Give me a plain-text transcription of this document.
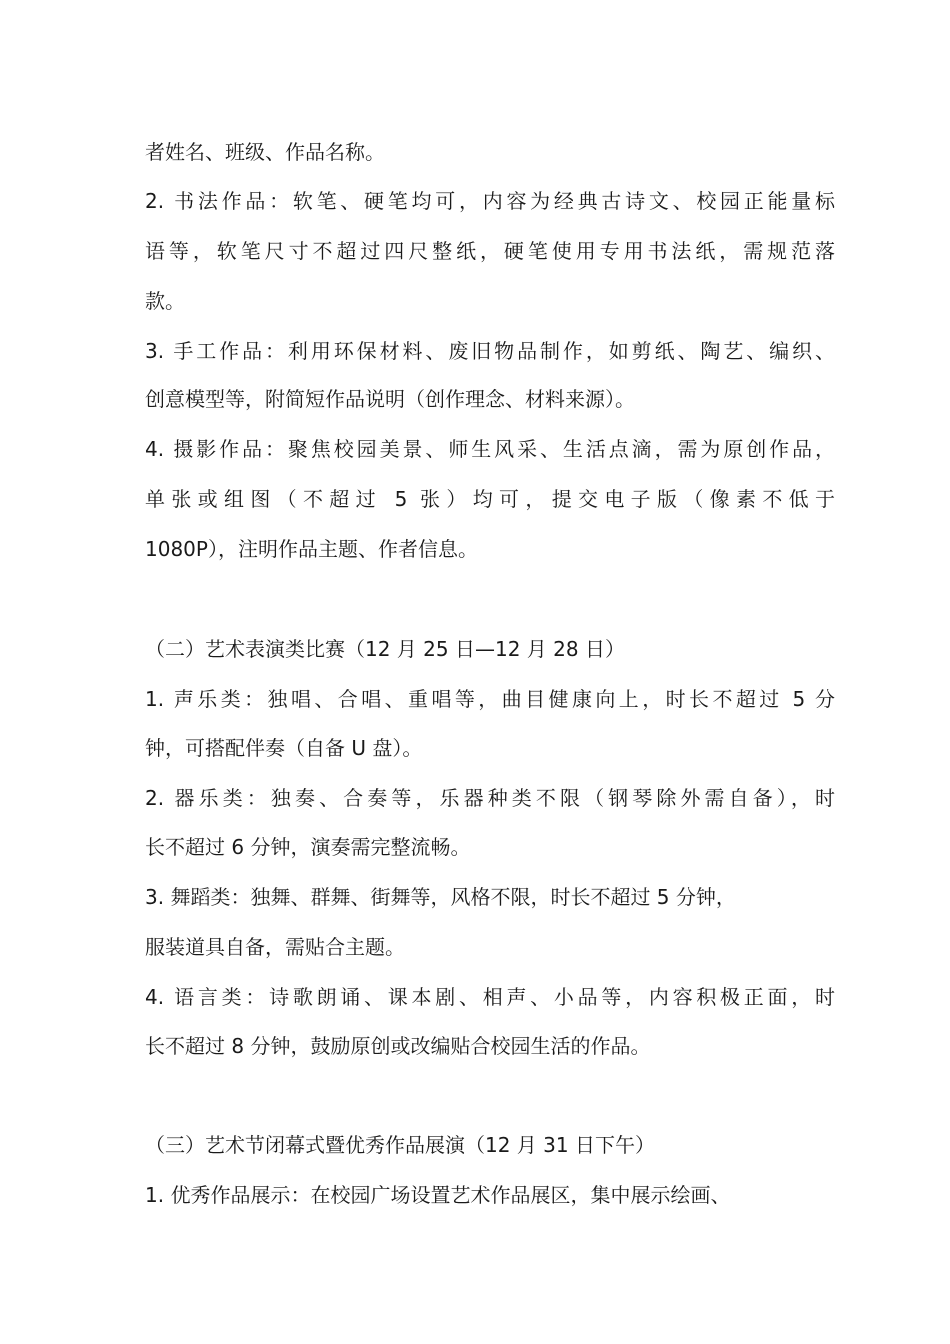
者姓名、班级、作品名称。
2. 书法作品：软笔、硬笔均可，内容为经典古诗文、校园正能量标
语等，软笔尺寸不超过四尺整纸，硬笔使用专用书法纸，需规范落
款。
3. 手工作品：利用环保材料、废旧物品制作，如剪纸、陶艺、编织、
创意模型等，附简短作品说明（创作理念、材料来源）。
4. 摄影作品：聚焦校园美景、师生风采、生活点滴，需为原创作品，
单张或组图（不超过 5 张）均可，提交电子版（像素不低于
1080P），注明作品主题、作者信息。
（二）艺术表演类比赛（12 月 25 日—12 月 28 日）
1. 声乐类：独唱、合唱、重唱等，曲目健康向上，时长不超过 5 分
钟，可搭配伴奏（自备 U 盘）。
2. 器乐类：独奏、合奏等，乐器种类不限（钢琴除外需自备），时
长不超过 6 分钟，演奏需完整流畅。
3. 舞蹈类：独舞、群舞、街舞等，风格不限，时长不超过 5 分钟，
服装道具自备，需贴合主题。
4. 语言类：诗歌朗诵、课本剧、相声、小品等，内容积极正面，时
长不超过 8 分钟，鼓励原创或改编贴合校园生活的作品。
（三）艺术节闭幕式暨优秀作品展演（12 月 31 日下午）
1. 优秀作品展示：在校园广场设置艺术作品展区，集中展示绘画、
